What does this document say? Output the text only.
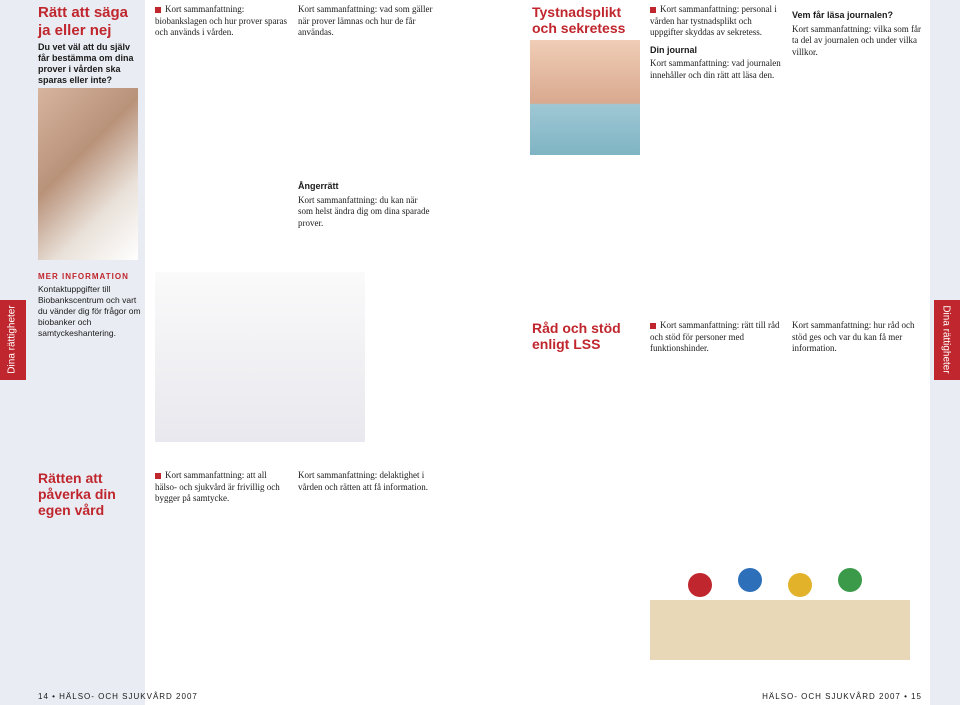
Dina rättigheter
Rätt att säga ja eller nej
Du vet väl att du själv får bestämma om dina prover i vården ska sparas eller inte?
MER INFORMATION
Kontaktuppgifter till Biobankscentrum och vart du vänder dig för frågor om biobanker och samtyckeshantering.
Rätten att påverka din egen vård
Kort sammanfattning: biobankslagen och hur prover sparas och används i vården.
Kort sammanfattning: vad som gäller när prover lämnas och hur de får användas.
Ångerrätt
Kort sammanfattning: du kan när som helst ändra dig om dina sparade prover.
Kort sammanfattning: att all hälso- och sjukvård är frivillig och bygger på samtycke.
Kort sammanfattning: delaktighet i vården och rätten att få information.
14 • HÄLSO- OCH SJUKVÅRD 2007
Dina rättigheter
Tystnadsplikt och sekretess
Kort sammanfattning: personal i vården har tystnadsplikt och uppgifter skyddas av sekretess.
Din journal
Kort sammanfattning: vad journalen innehåller och din rätt att läsa den.
Vem får läsa journalen?
Kort sammanfattning: vilka som får ta del av journalen och under vilka villkor.
Råd och stöd enligt LSS
Kort sammanfattning: rätt till råd och stöd för personer med funktionshinder.
Kort sammanfattning: hur råd och stöd ges och var du kan få mer information.
HÄLSO- OCH SJUKVÅRD 2007 • 15
